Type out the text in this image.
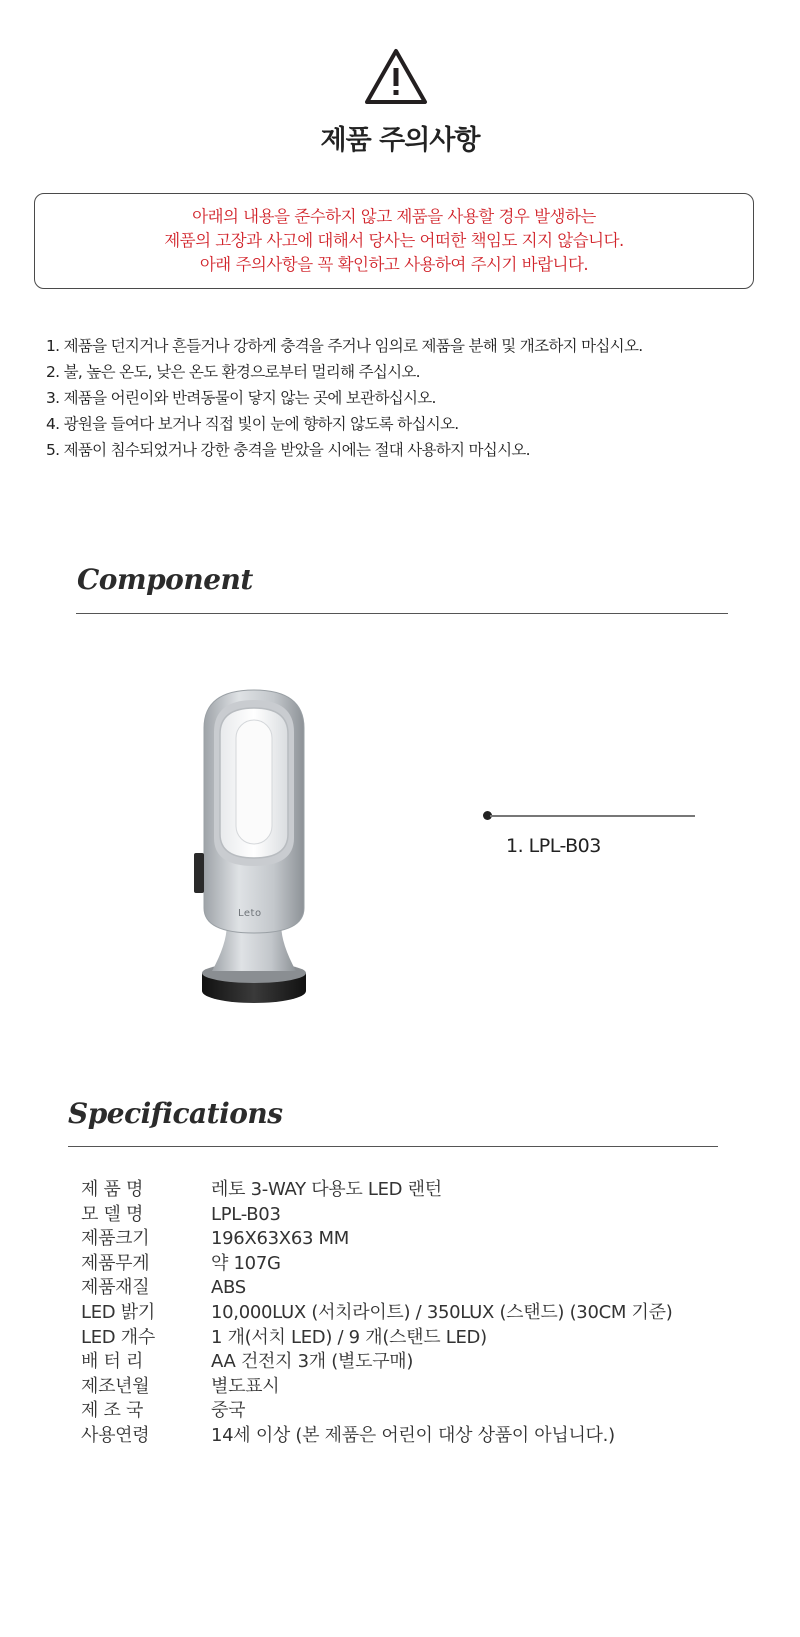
제품 주의사항
아래의 내용을 준수하지 않고 제품을 사용할 경우 발생하는
제품의 고장과 사고에 대해서 당사는 어떠한 책임도 지지 않습니다.
아래 주의사항을 꼭 확인하고 사용하여 주시기 바랍니다.
1. 제품을 던지거나 흔들거나 강하게 충격을 주거나 임의로 제품을 분해 및 개조하지 마십시오.
2. 불, 높은 온도, 낮은 온도 환경으로부터 멀리해 주십시오.
3. 제품을 어린이와 반려동물이 닿지 않는 곳에 보관하십시오.
4. 광원을 들여다 보거나 직접 빛이 눈에 향하지 않도록 하십시오.
5. 제품이 침수되었거나 강한 충격을 받았을 시에는 절대 사용하지 마십시오.
Component
Leto
1. LPL-B03
Specifications
제 품 명	레토 3-WAY 다용도 LED 랜턴
모 델 명	LPL-B03
제품크기	196X63X63 MM
제품무게	약 107G
제품재질	ABS
LED 밝기	10,000LUX (서치라이트) / 350LUX (스탠드) (30CM 기준)
LED 개수	1 개(서치 LED) / 9 개(스탠드 LED)
배 터 리	AA 건전지 3개 (별도구매)
제조년월	별도표시
제 조 국	중국
사용연령	14세 이상 (본 제품은 어린이 대상 상품이 아닙니다.)
